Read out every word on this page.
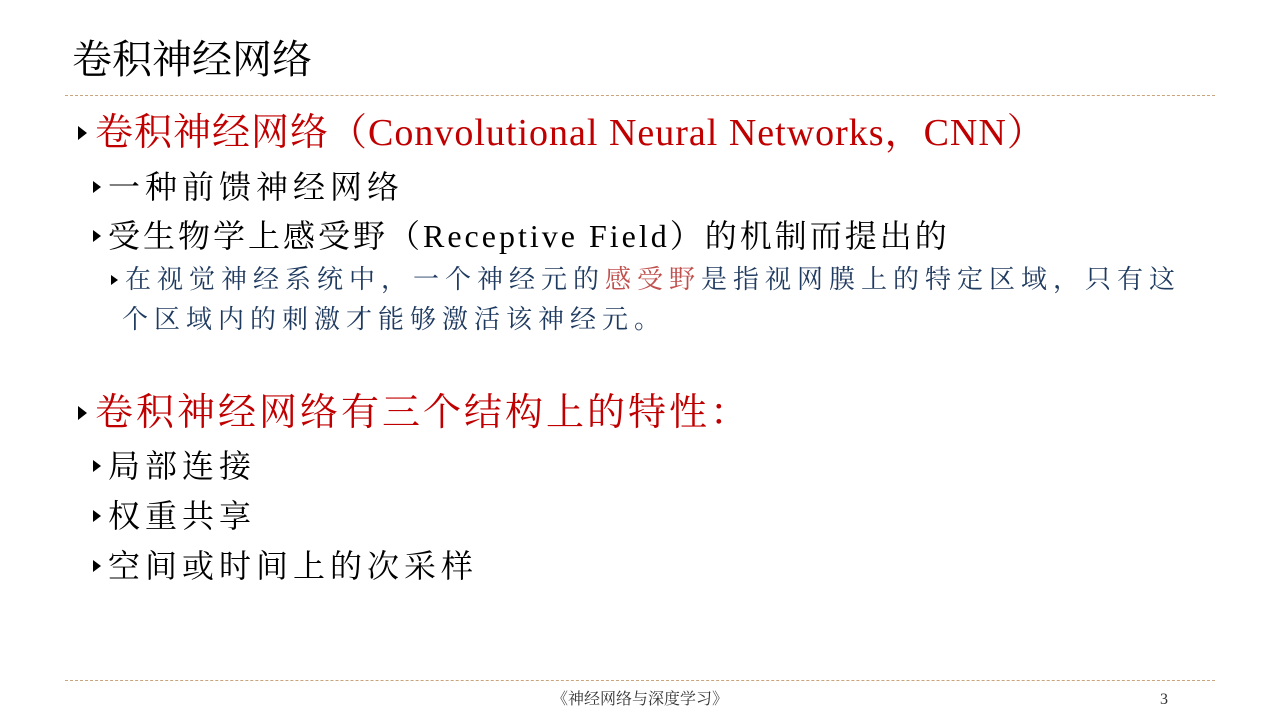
卷积神经网络
卷积神经网络（Convolutional Neural Networks，CNN）
一种前馈神经网络
受生物学上感受野（Receptive Field）的机制而提出的
在视觉神经系统中，一个神经元的 感受野 是指视网膜上的特定区域，只有这
个区域内的刺激才能够激活该神经元。
卷积神经网络有三个结构上的特性：
局部连接
权重共享
空间或时间上的次采样
《神经网络与深度学习》	3
